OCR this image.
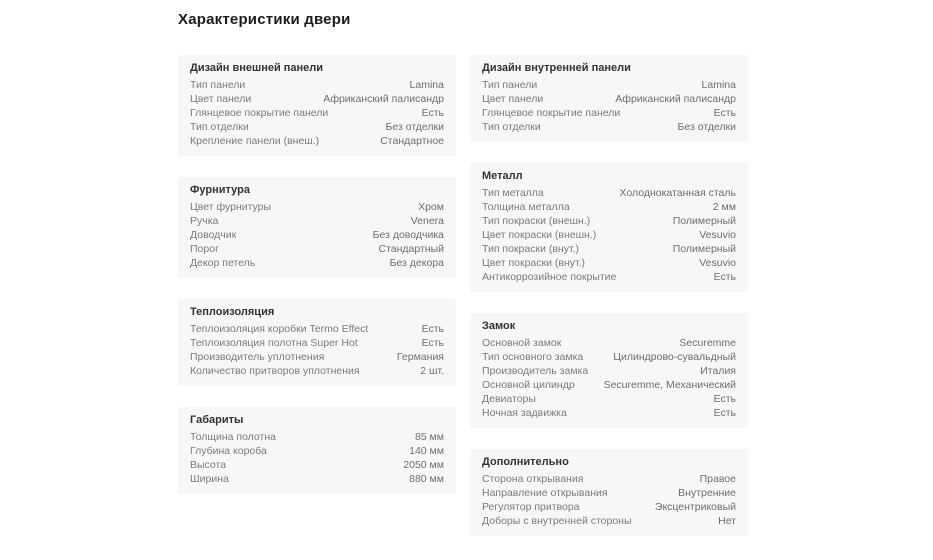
Характеристики двери
Дизайн внешней панели
Тип панели	Lamina
Цвет панели	Африканский палисандр
Глянцевое покрытие панели	Есть
Тип отделки	Без отделки
Крепление панели (внеш.)	Стандартное
Фурнитура
Цвет фурнитуры	Хром
Ручка	Venera
Доводчик	Без доводчика
Порог	Стандартный
Декор петель	Без декора
Теплоизоляция
Теплоизоляция коробки Termo Effect	Есть
Теплоизоляция полотна Super Hot	Есть
Производитель уплотнения	Германия
Количество притворов уплотнения	2 шт.
Габариты
Толщина полотна	85 мм
Глубина короба	140 мм
Высота	2050 мм
Ширина	880 мм
Дизайн внутренней панели
Тип панели	Lamina
Цвет панели	Африканский палисандр
Глянцевое покрытие панели	Есть
Тип отделки	Без отделки
Металл
Тип металла	Холоднокатанная сталь
Толщина металла	2 мм
Тип покраски (внешн.)	Полимерный
Цвет покраски (внешн.)	Vesuvio
Тип покраски (внут.)	Полимерный
Цвет покраски (внут.)	Vesuvio
Антикоррозийное покрытие	Есть
Замок
Основной замок	Securemme
Тип основного замка	Цилиндрово-сувальдный
Производитель замка	Италия
Основной цилиндр	Securemme, Механический
Девиаторы	Есть
Ночная задвижка	Есть
Дополнительно
Сторона открывания	Правое
Направление открывания	Внутренние
Регулятор притвора	Эксцентриковый
Доборы с внутренней стороны	Нет
